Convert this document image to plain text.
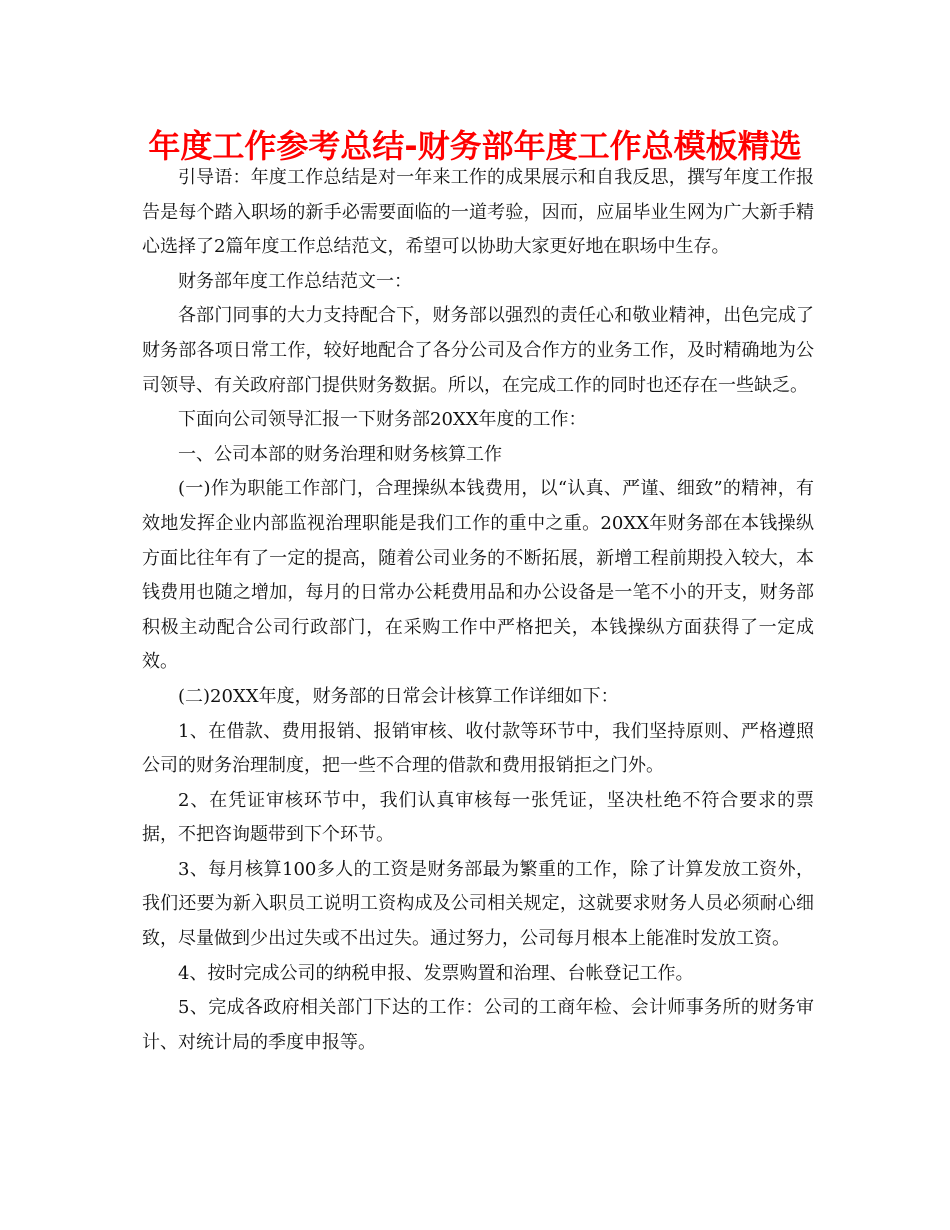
年度工作参考总结-财务部年度工作总模板精选

引导语：年度工作总结是对一年来工作的成果展示和自我反思，撰写年度工作报告是每个踏入职场的新手必需要面临的一道考验，因而，应届毕业生网为广大新手精心选择了2篇年度工作总结范文，希望可以协助大家更好地在职场中生存。

财务部年度工作总结范文一：

各部门同事的大力支持配合下，财务部以强烈的责任心和敬业精神，出色完成了财务部各项日常工作，较好地配合了各分公司及合作方的业务工作，及时精确地为公司领导、有关政府部门提供财务数据。所以，在完成工作的同时也还存在一些缺乏。

下面向公司领导汇报一下财务部20XX年度的工作：

一、公司本部的财务治理和财务核算工作

(一)作为职能工作部门，合理操纵本钱费用，以“认真、严谨、细致”的精神，有效地发挥企业内部监视治理职能是我们工作的重中之重。20XX年财务部在本钱操纵方面比往年有了一定的提高，随着公司业务的不断拓展，新增工程前期投入较大，本钱费用也随之增加，每月的日常办公耗费用品和办公设备是一笔不小的开支，财务部积极主动配合公司行政部门，在采购工作中严格把关，本钱操纵方面获得了一定成效。

(二)20XX年度，财务部的日常会计核算工作详细如下：

1、在借款、费用报销、报销审核、收付款等环节中，我们坚持原则、严格遵照公司的财务治理制度，把一些不合理的借款和费用报销拒之门外。

2、在凭证审核环节中，我们认真审核每一张凭证，坚决杜绝不符合要求的票据，不把咨询题带到下个环节。

3、每月核算100多人的工资是财务部最为繁重的工作，除了计算发放工资外，我们还要为新入职员工说明工资构成及公司相关规定，这就要求财务人员必须耐心细致，尽量做到少出过失或不出过失。通过努力，公司每月根本上能准时发放工资。

4、按时完成公司的纳税申报、发票购置和治理、台帐登记工作。

5、完成各政府相关部门下达的工作：公司的工商年检、会计师事务所的财务审计、对统计局的季度申报等。
